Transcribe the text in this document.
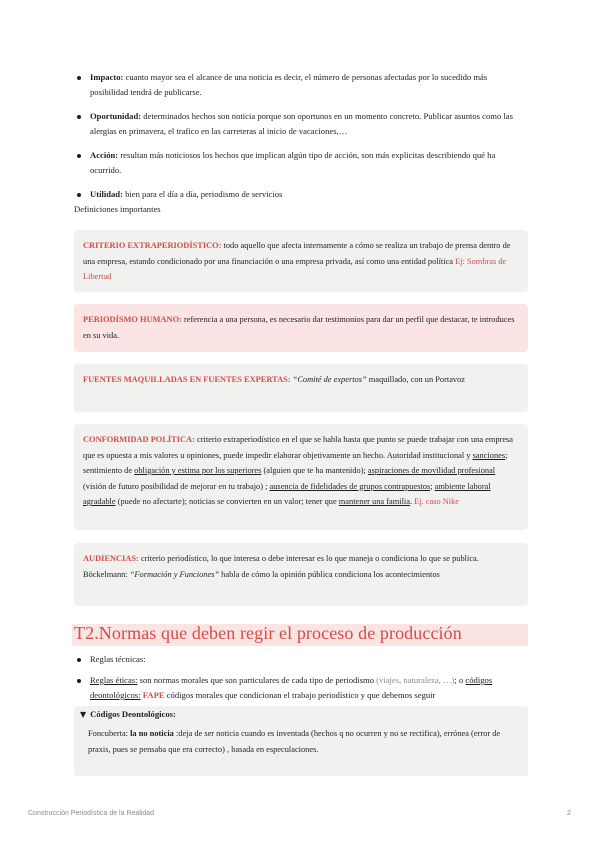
Impacto: cuanto mayor sea el alcance de una noticia es decir, el número de personas afectadas por lo sucedido más posibilidad tendrá de publicarse.
Oportunidad: determinados hechos son noticia porque son oportunos en un momento concreto. Publicar asuntos como las alergias en primavera, el trafico en las carreteras al inicio de vacaciones,…
Acción: resultan más noticiosos los hechos que implican algún tipo de acción, son más explicitas describiendo qué ha ocurrido.
Utilidad: bien para el día a día, periodismo de servicios
Definiciones importantes
CRITERIO EXTRAPERIODÍSTICO: todo aquello que afecta internamente a cómo se realiza un trabajo de prensa dentro de una empresa, estando condicionado por una financiación o una empresa privada, así como una entidad política Ej: Sombras de Libertad
PERIODÍSMO HUMANO: referencia a una persona, es necesario dar testimonios para dar un perfil que destacar, te introduces en su vida.
FUENTES MAQUILLADAS EN FUENTES EXPERTAS: “Comité de expertos” maquillado, con un Portavoz
CONFORMIDAD POLÍTICA: criterio extraperiodístico en el que se habla hasta que punto se puede trabajar con una empresa que es opuesta a mis valores u opiniones, puede impedir elaborar objetivamente un hecho. Autoridad institucional y sanciones; sentimiento de obligación y estima por los superiores (alguien que te ha mantenido); aspiraciones de movilidad profesional (visión de futuro posibilidad de mejorar en tu trabajo) ; ausencia de fidelidades de grupos contrapuestos; ambiente laboral agradable (puede no afectarte); noticias se convierten en un valor; tener que mantener una familia. Ej. caso Nike
AUDIENCIAS: criterio periodístico, lo que interesa o debe interesar es lo que maneja o condiciona lo que se publica.
Böckelmann: “Formación y Funciones” habla de cómo la opinión pública condiciona los acontecimientos
T2.Normas que deben regir el proceso de producción
Reglas técnicas:
Reglas éticas: son normas morales que son particulares de cada tipo de periodismo (viajes, naturaleza, …); o códigos deontológicos: FAPE códigos morales que condicionan el trabajo periodístico y que debemos seguir
▼ Códigos Deontológicos:
Foncuberta: la no noticia :deja de ser noticia cuando es inventada (hechos q no ocurren y no se rectifica), errónea (error de praxis, pues se pensaba que era correcto) , basada en especulaciones.
Construcción Periodística de la Realidad	2
